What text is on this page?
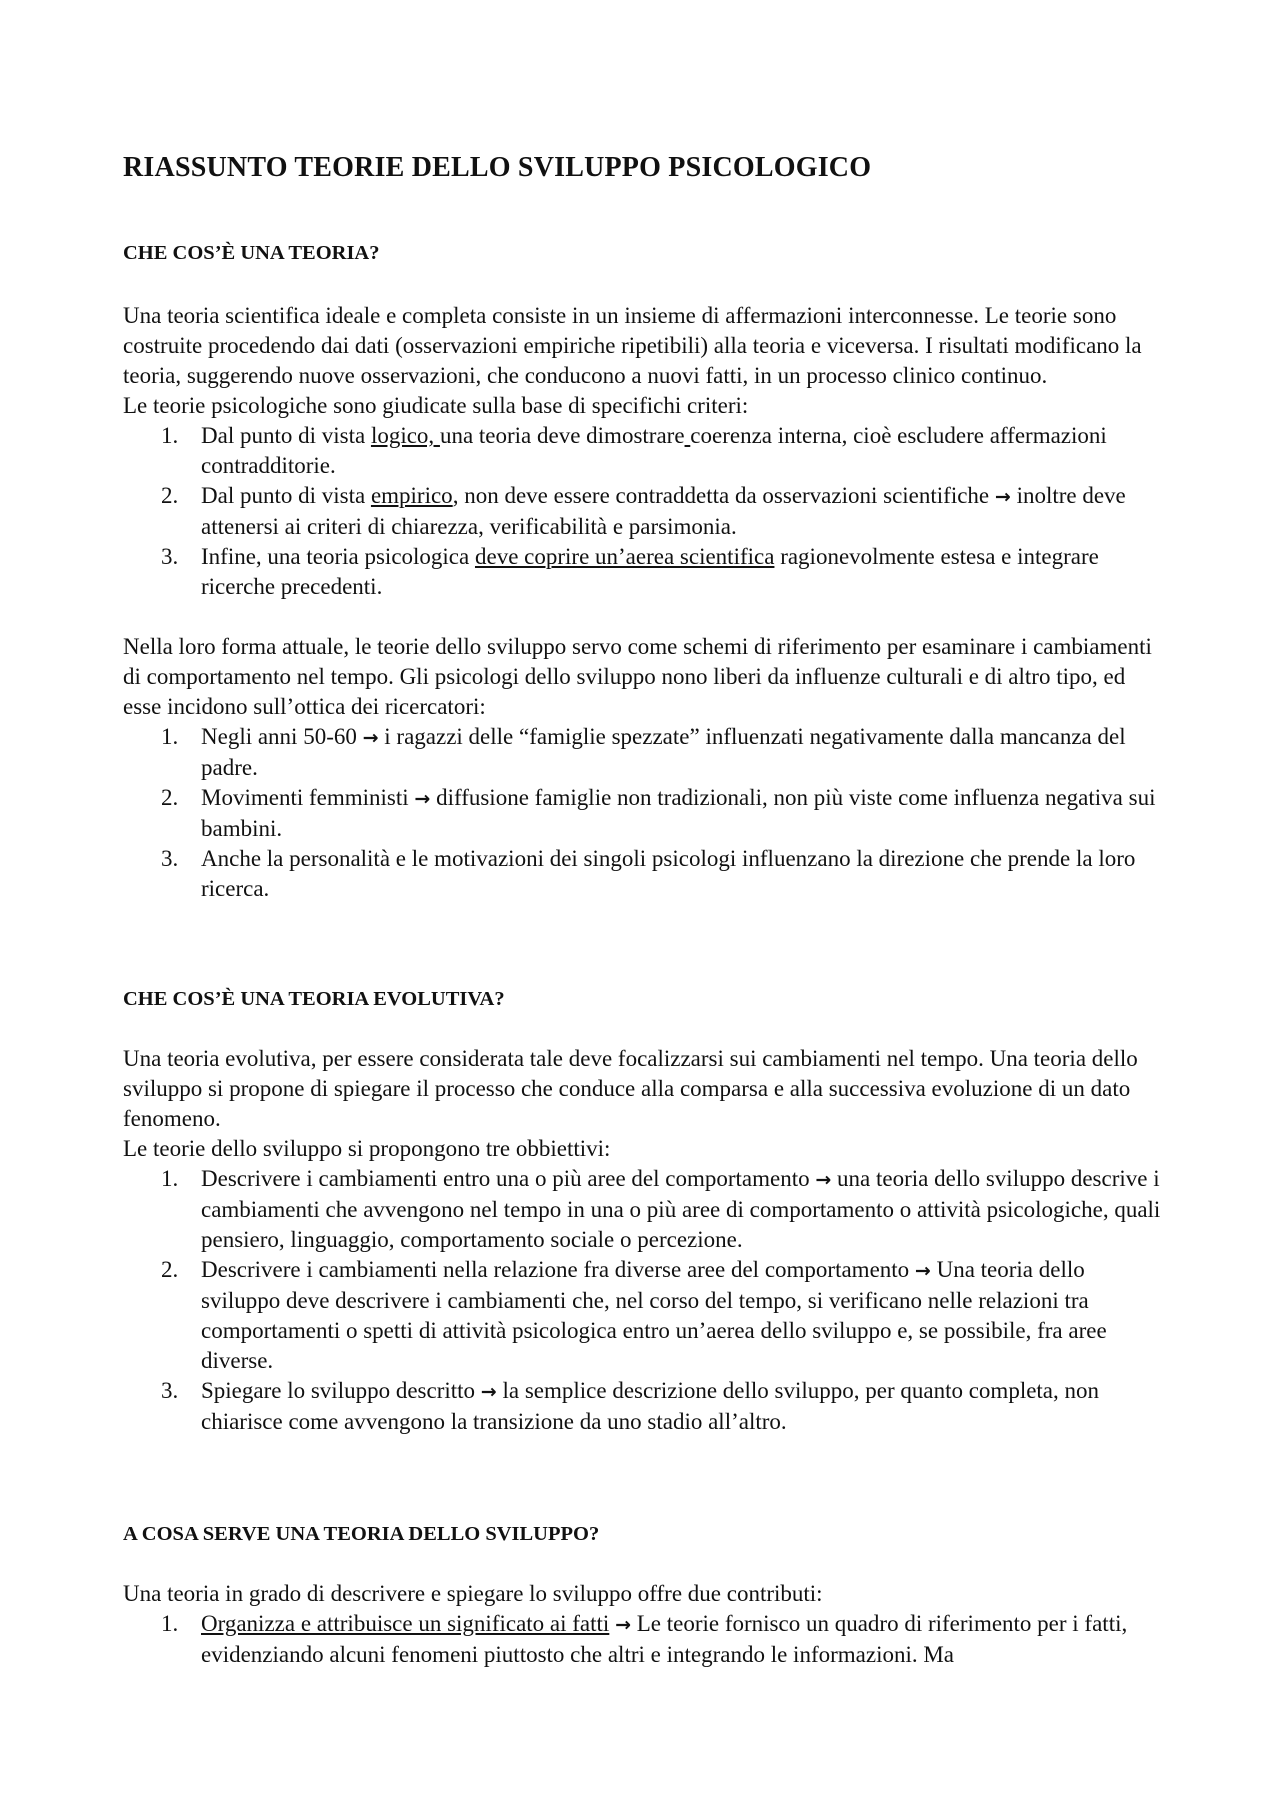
RIASSUNTO TEORIE DELLO SVILUPPO PSICOLOGICO
CHE COS’È UNA TEORIA?

Una teoria scientifica ideale e completa consiste in un insieme di affermazioni interconnesse. Le teorie sono costruite procedendo dai dati (osservazioni empiriche ripetibili) alla teoria e viceversa. I risultati modificano la teoria, suggerendo nuove osservazioni, che conducono a nuovi fatti, in un processo clinico continuo.

Le teorie psicologiche sono giudicate sulla base di specifichi criteri:

1. Dal punto di vista logico, una teoria deve dimostrare coerenza interna, cioè escludere affermazioni contradditorie.
2. Dal punto di vista empirico, non deve essere contraddetta da osservazioni scientifiche → inoltre deve attenersi ai criteri di chiarezza, verificabilità e parsimonia.
3. Infine, una teoria psicologica deve coprire un’aerea scientifica ragionevolmente estesa e integrare ricerche precedenti.

Nella loro forma attuale, le teorie dello sviluppo servo come schemi di riferimento per esaminare i cambiamenti di comportamento nel tempo. Gli psicologi dello sviluppo nono liberi da influenze culturali e di altro tipo, ed esse incidono sull’ottica dei ricercatori:

1. Negli anni 50-60 → i ragazzi delle “famiglie spezzate” influenzati negativamente dalla mancanza del padre.
2. Movimenti femministi → diffusione famiglie non tradizionali, non più viste come influenza negativa sui bambini.
3. Anche la personalità e le motivazioni dei singoli psicologi influenzano la direzione che prende la loro ricerca.
CHE COS’È UNA TEORIA EVOLUTIVA?

Una teoria evolutiva, per essere considerata tale deve focalizzarsi sui cambiamenti nel tempo. Una teoria dello sviluppo si propone di spiegare il processo che conduce alla comparsa e alla successiva evoluzione di un dato fenomeno.

Le teorie dello sviluppo si propongono tre obbiettivi:

1. Descrivere i cambiamenti entro una o più aree del comportamento → una teoria dello sviluppo descrive i cambiamenti che avvengono nel tempo in una o più aree di comportamento o attività psicologiche, quali pensiero, linguaggio, comportamento sociale o percezione.
2. Descrivere i cambiamenti nella relazione fra diverse aree del comportamento → Una teoria dello sviluppo deve descrivere i cambiamenti che, nel corso del tempo, si verificano nelle relazioni tra comportamenti o spetti di attività psicologica entro un’aerea dello sviluppo e, se possibile, fra aree diverse.
3. Spiegare lo sviluppo descritto → la semplice descrizione dello sviluppo, per quanto completa, non chiarisce come avvengono la transizione da uno stadio all’altro.
A COSA SERVE UNA TEORIA DELLO SVILUPPO?

Una teoria in grado di descrivere e spiegare lo sviluppo offre due contributi:

1. Organizza e attribuisce un significato ai fatti → Le teorie fornisco un quadro di riferimento per i fatti, evidenziando alcuni fenomeni piuttosto che altri e integrando le informazioni. Ma
